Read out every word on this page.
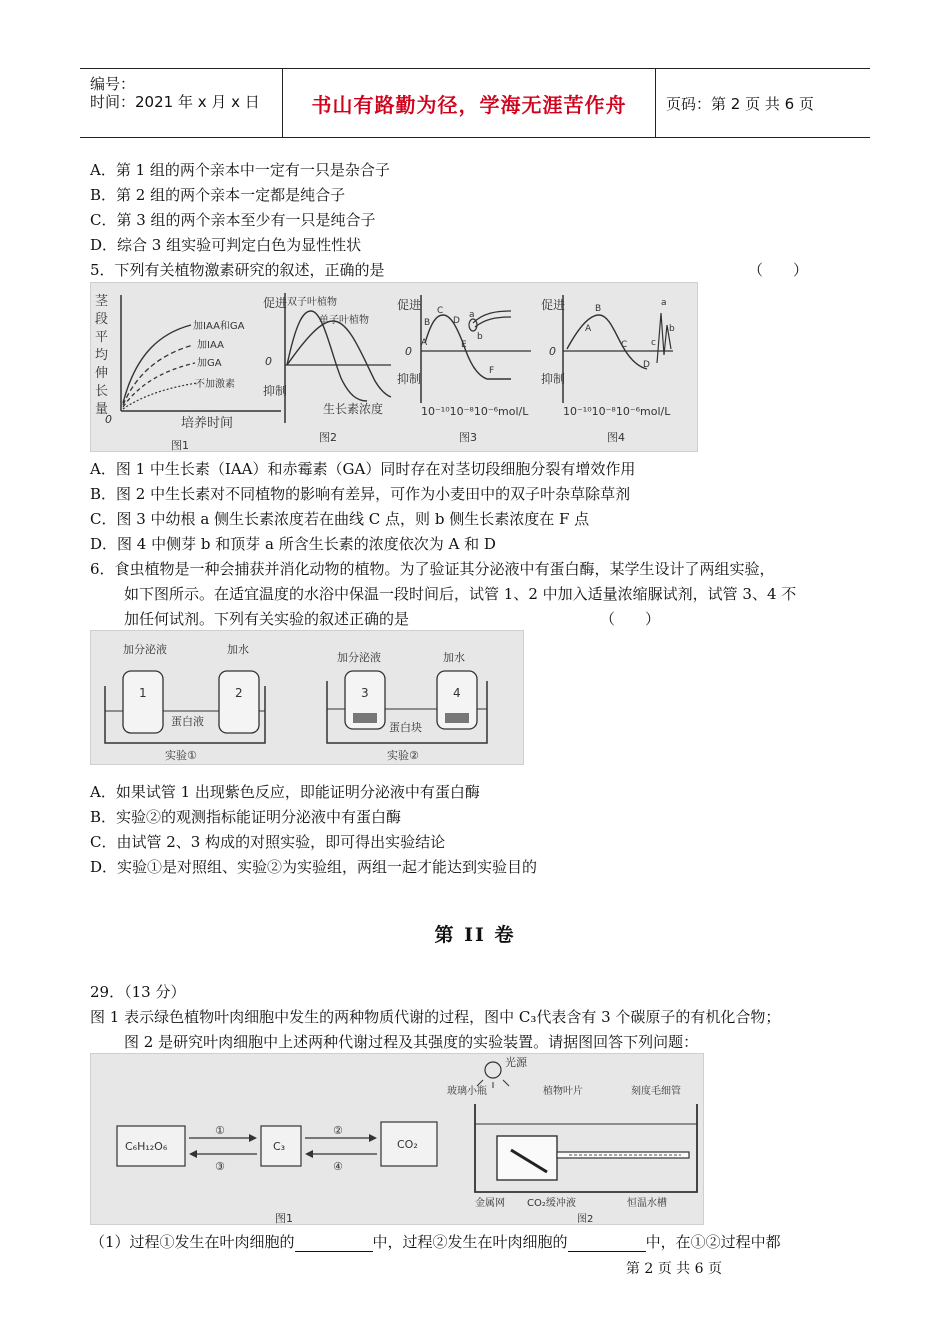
编号：
时间：2021 年 x 月 x 日	书山有路勤为径，学海无涯苦作舟	页码：第 2 页 共 6 页
A．第 1 组的两个亲本中一定有一只是杂合子
B．第 2 组的两个亲本一定都是纯合子
C．第 3 组的两个亲本至少有一只是纯合子
D．综合 3 组实验可判定白色为显性性状
5．下列有关植物激素研究的叙述，正确的是	（　　）
茎
段
平
均
伸
长
量
0
加IAA和GA
加IAA
加GA
不加激素
培养时间
图1
促进
0
抑制
双子叶植物
单子叶植物
生长素浓度
图2
促进
0
抑制
A
B
C
D
E
F
a
b
10⁻¹⁰10⁻⁸10⁻⁶mol/L
图3
促进
0
抑制
A
B
C
D
a
b
c
10⁻¹⁰10⁻⁸10⁻⁶mol/L
图4
A．图 1 中生长素（IAA）和赤霉素（GA）同时存在对茎切段细胞分裂有增效作用
B．图 2 中生长素对不同植物的影响有差异，可作为小麦田中的双子叶杂草除草剂
C．图 3 中幼根 a 侧生长素浓度若在曲线 C 点，则 b 侧生长素浓度在 F 点
D．图 4 中侧芽 b 和顶芽 a 所含生长素的浓度依次为 A 和 D
6．食虫植物是一种会捕获并消化动物的植物。为了验证其分泌液中有蛋白酶，某学生设计了两组实验，
如下图所示。在适宜温度的水浴中保温一段时间后，试管 1、2 中加入适量浓缩脲试剂，试管 3、4 不
加任何试剂。下列有关实验的叙述正确的是	（　　）
加分泌液	加水
1	2
蛋白液
实验①
加分泌液	加水
3	4
蛋白块
实验②
A．如果试管 1 出现紫色反应，即能证明分泌液中有蛋白酶
B．实验②的观测指标能证明分泌液中有蛋白酶
C．由试管 2、3 构成的对照实验，即可得出实验结论
D．实验①是对照组、实验②为实验组，两组一起才能达到实验目的
第 II 卷
29．（13 分）
图 1 表示绿色植物叶肉细胞中发生的两种物质代谢的过程，图中 C₃代表含有 3 个碳原子的有机化合物；
图 2 是研究叶肉细胞中上述两种代谢过程及其强度的实验装置。请据图回答下列问题：
C₆H₁₂O₆	C₃	CO₂
①
③
②
④
图1
光源
玻璃小瓶	植物叶片	刻度毛细管
金属网 CO₂缓冲液	恒温水槽
图2
（1）过程①发生在叶肉细胞的	中，过程②发生在叶肉细胞的	中，在①②过程中都
第 2 页 共 6 页
